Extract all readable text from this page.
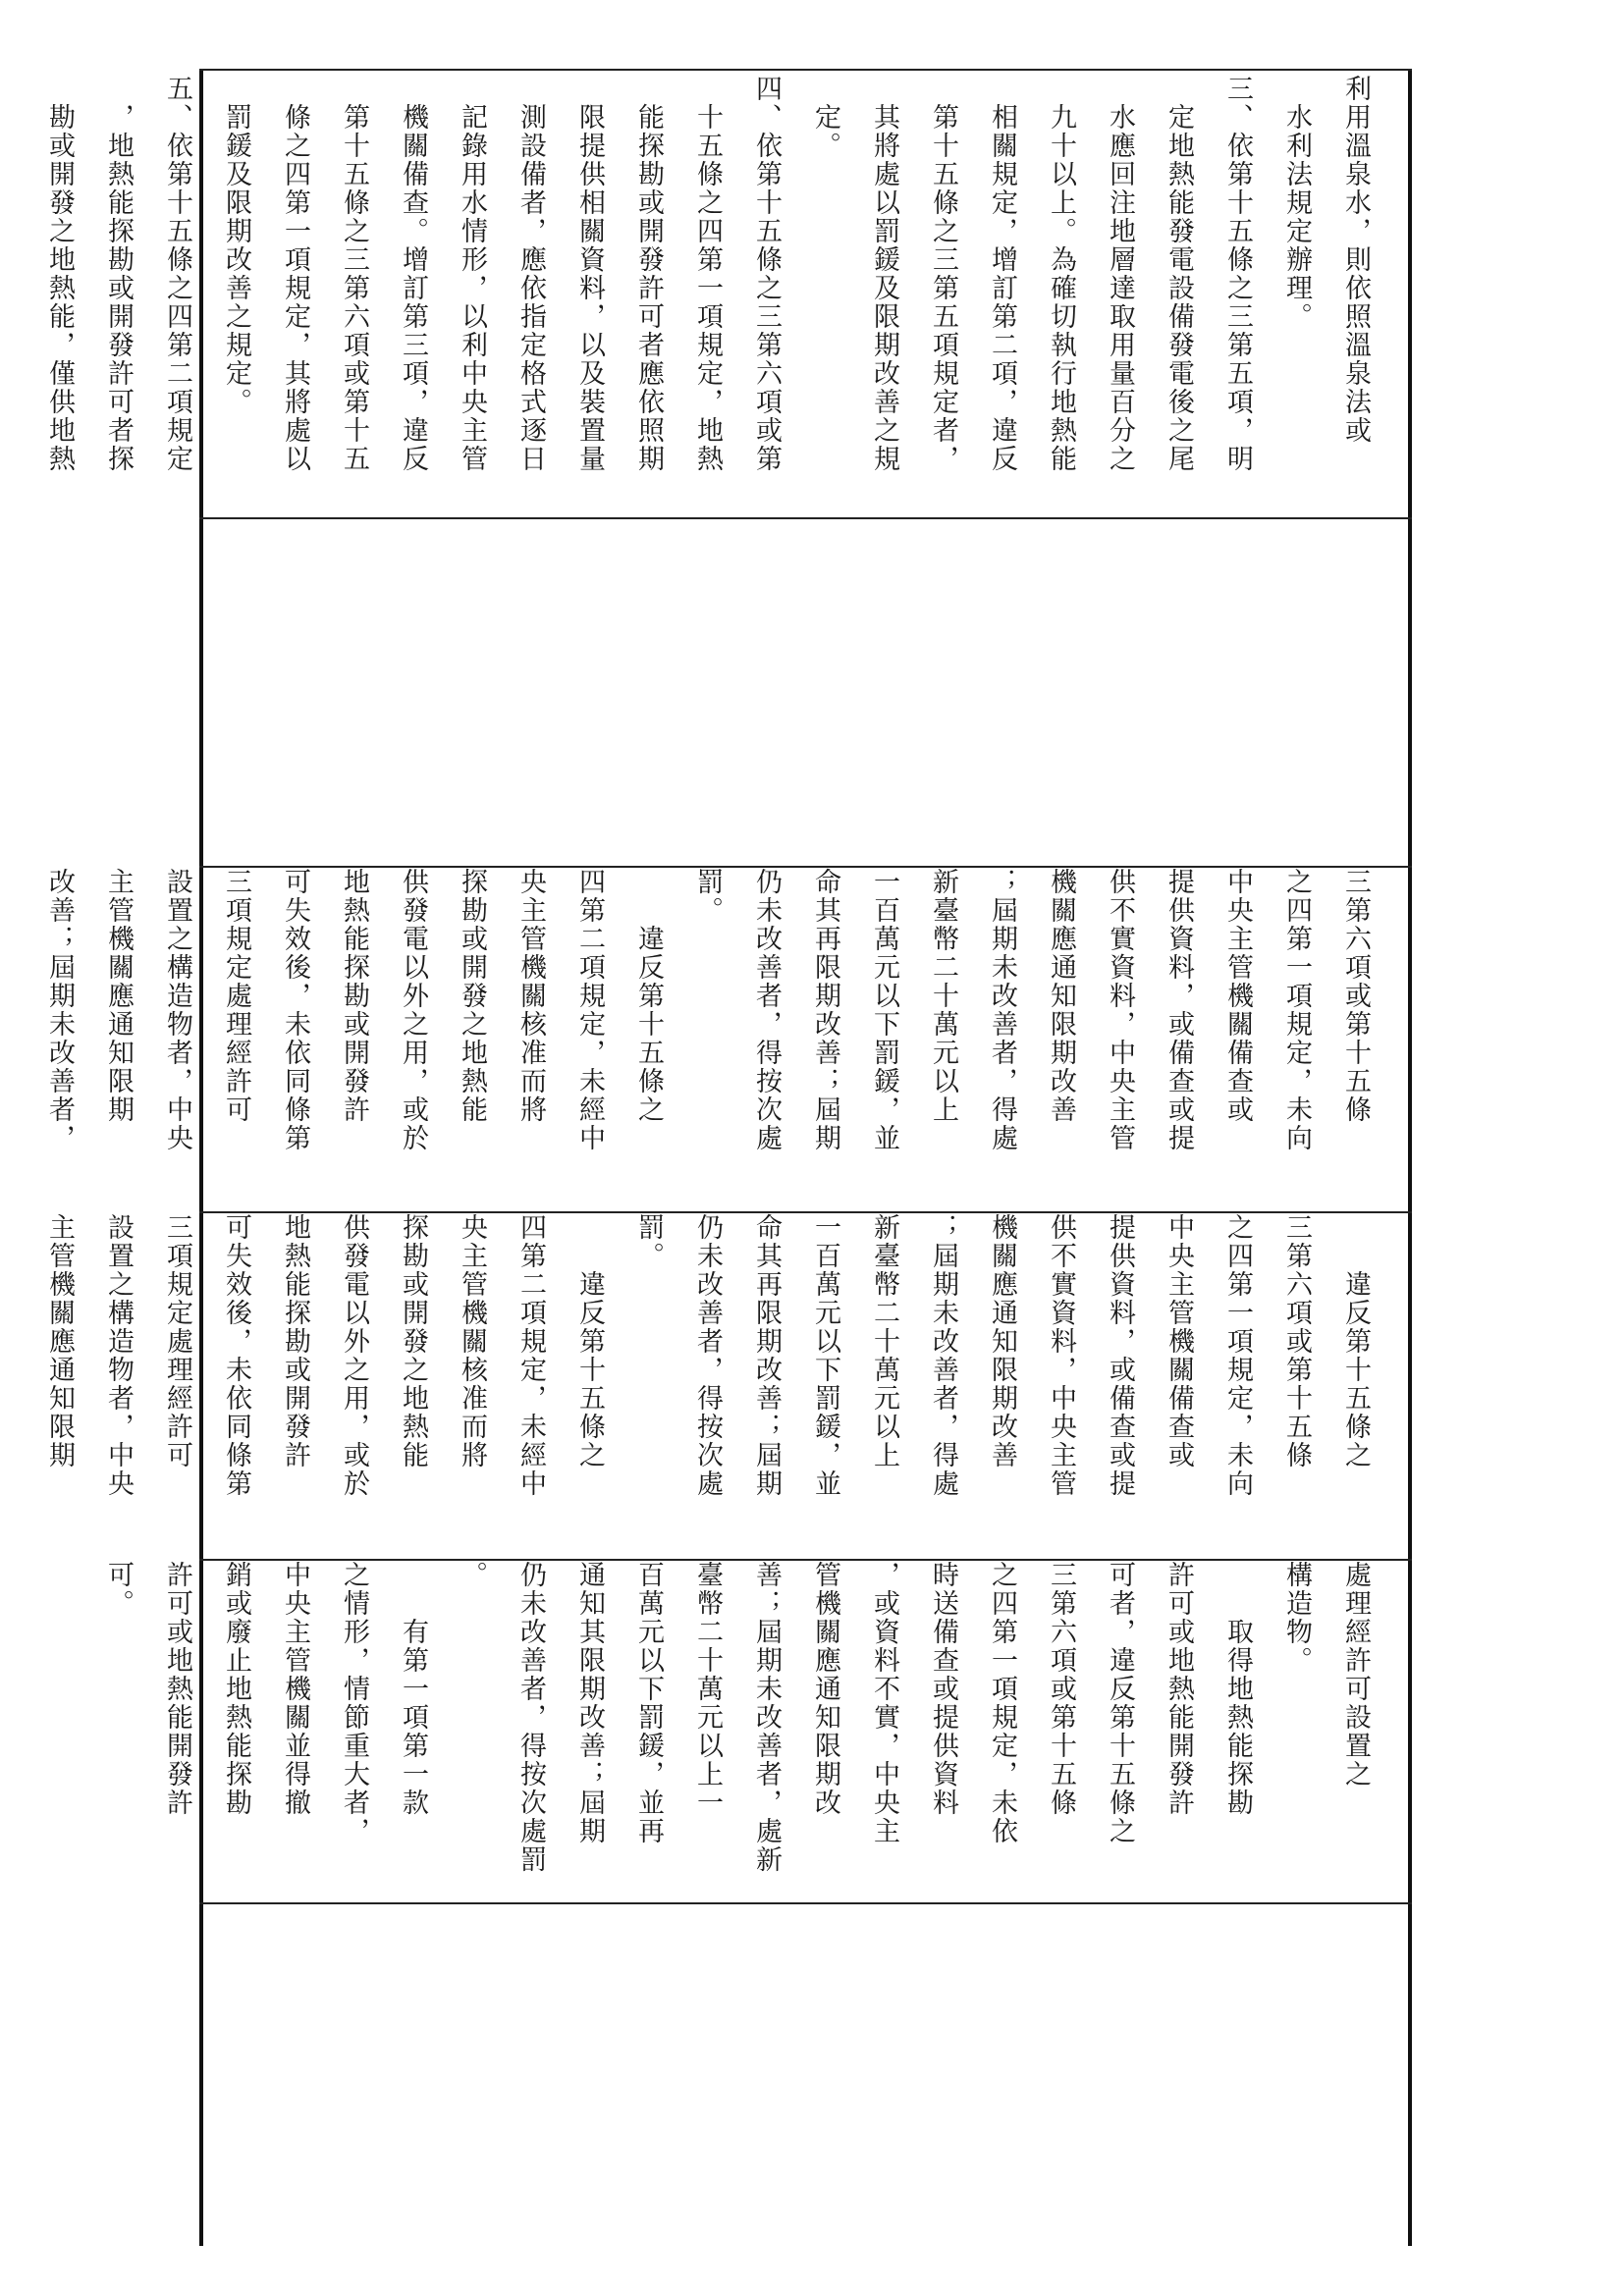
利用溫泉水，則依照溫泉法或

　水利法規定辦理。

三、依第十五條之三第五項，明

　定地熱能發電設備發電後之尾

　水應回注地層達取用量百分之

　九十以上。為確切執行地熱能

　相關規定，增訂第二項，違反

　第十五條之三第五項規定者，

　其將處以罰鍰及限期改善之規

　定。

四、依第十五條之三第六項或第

　十五條之四第一項規定，地熱

　能探勘或開發許可者應依照期

　限提供相關資料，以及裝置量

　測設備者，應依指定格式逐日

　記錄用水情形，以利中央主管

　機關備查。增訂第三項，違反

　第十五條之三第六項或第十五

　條之四第一項規定，其將處以

　罰鍰及限期改善之規定。

五、依第十五條之四第二項規定

　，地熱能探勘或開發許可者探

　勘或開發之地熱能，僅供地熱

三第六項或第十五條

之四第一項規定，未向

中央主管機關備查或

提供資料，或備查或提

供不實資料，中央主管

機關應通知限期改善

；屆期未改善者，得處

新臺幣二十萬元以上

一百萬元以下罰鍰，並

命其再限期改善；屆期

仍未改善者，得按次處

罰。

　　違反第十五條之

四第二項規定，未經中

央主管機關核准而將

探勘或開發之地熱能

供發電以外之用，或於

地熱能探勘或開發許

可失效後，未依同條第

三項規定處理經許可

設置之構造物者，中央

主管機關應通知限期

改善；屆期未改善者，

　　違反第十五條之

三第六項或第十五條

之四第一項規定，未向

中央主管機關備查或

提供資料，或備查或提

供不實資料，中央主管

機關應通知限期改善

；屆期未改善者，得處

新臺幣二十萬元以上

一百萬元以下罰鍰，並

命其再限期改善；屆期

仍未改善者，得按次處

罰。

　　違反第十五條之

四第二項規定，未經中

央主管機關核准而將

探勘或開發之地熱能

供發電以外之用，或於

地熱能探勘或開發許

可失效後，未依同條第

三項規定處理經許可

設置之構造物者，中央

主管機關應通知限期

處理經許可設置之

構造物。

　　取得地熱能探勘

許可或地熱能開發許

可者，違反第十五條之

三第六項或第十五條

之四第一項規定，未依

時送備查或提供資料

，或資料不實，中央主

管機關應通知限期改

善；屆期未改善者，處新

臺幣二十萬元以上一

百萬元以下罰鍰，並再

通知其限期改善；屆期

仍未改善者，得按次處罰

。

　　有第一項第一款

之情形，情節重大者，

中央主管機關並得撤

銷或廢止地熱能探勘

許可或地熱能開發許

可。
